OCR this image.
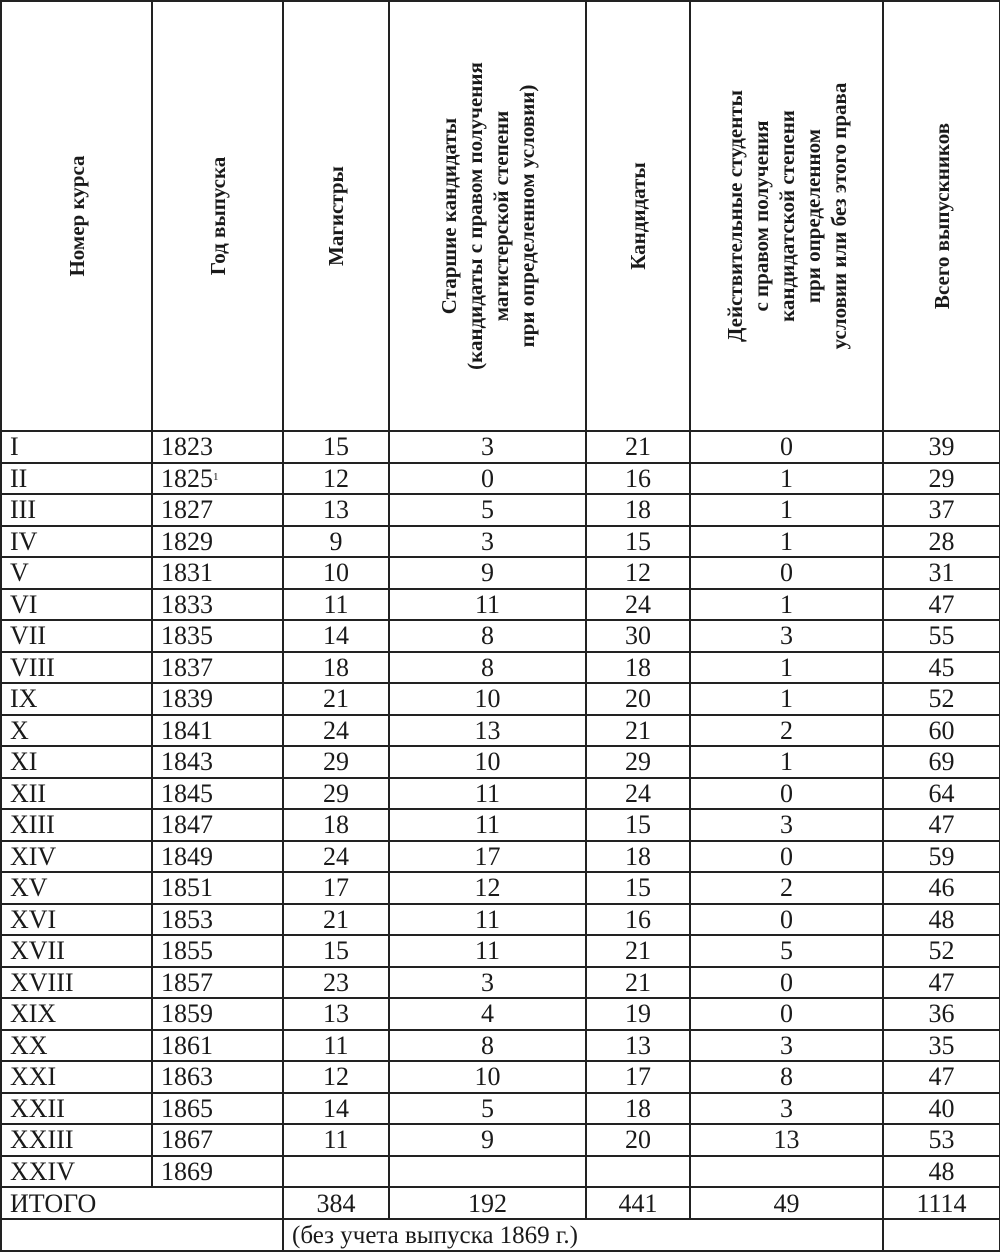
Номер курса	Год выпуска	Магистры	Старшие кандидаты
(кандидаты с правом получения
магистерской степени
при определенном условии)	Кандидаты	Действительные студенты
с правом получения
кандидатской степени
при определенном
условии или без этого права	Всего выпускников

I	1823	15	3	21	0	39
II	1825$^1$	12	0	16	1	29
III	1827	13	5	18	1	37
IV	1829	9	3	15	1	28
V	1831	10	9	12	0	31
VI	1833	11	11	24	1	47
VII	1835	14	8	30	3	55
VIII	1837	18	8	18	1	45
IX	1839	21	10	20	1	52
X	1841	24	13	21	2	60
XI	1843	29	10	29	1	69
XII	1845	29	11	24	0	64
XIII	1847	18	11	15	3	47
XIV	1849	24	17	18	0	59
XV	1851	17	12	15	2	46
XVI	1853	21	11	16	0	48
XVII	1855	15	11	21	5	52
XVIII	1857	23	3	21	0	47
XIX	1859	13	4	19	0	36
XX	1861	11	8	13	3	35
XXI	1863	12	10	17	8	47
XXII	1865	14	5	18	3	40
XXIII	1867	11	9	20	13	53
XXIV	1869					48
ИТОГО		384	192	441	49	1114
		(без учета выпуска 1869 г.)				
